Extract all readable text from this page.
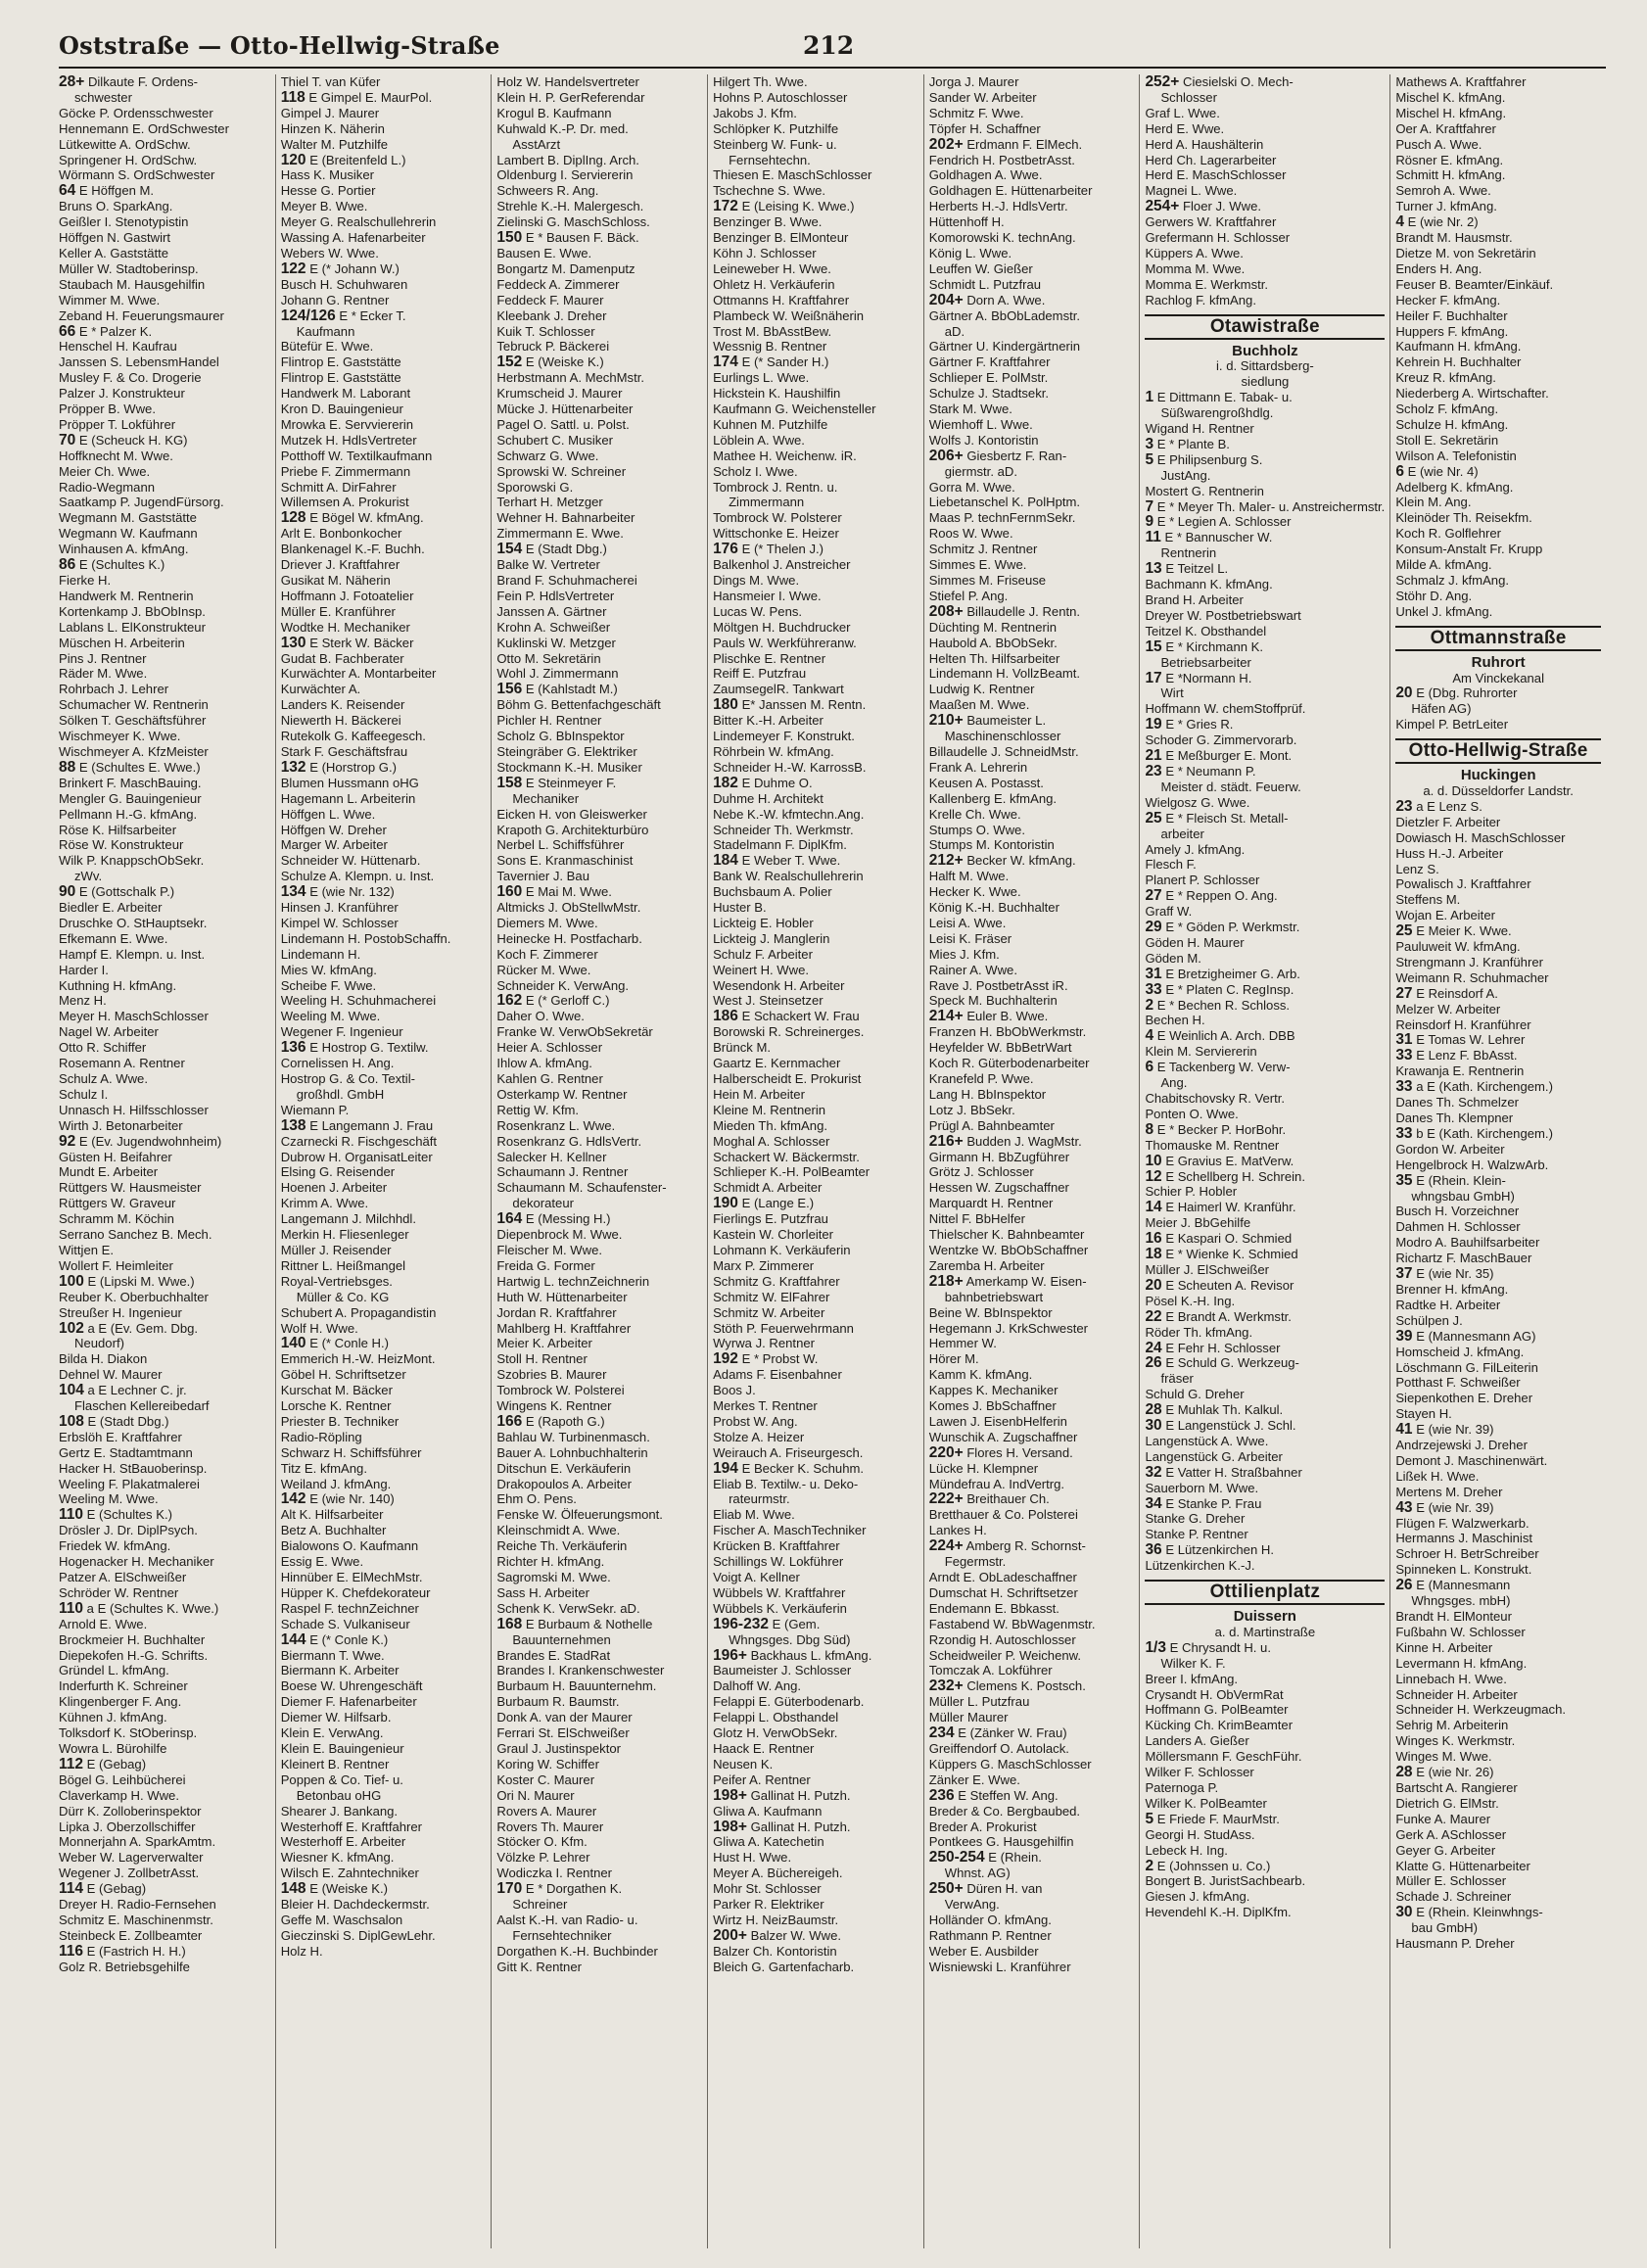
Oststraße — Otto-Hellwig-Straße	212
28+ Dilkaute F. Ordens-
schwester
Göcke P. Ordensschwester
Hennemann E. OrdSchwester
Lütkewitte A. OrdSchw.
Springener H. OrdSchw.
Wörmann S. OrdSchwester
64 E Höffgen M.
Bruns O. SparkAng.
Geißler I. Stenotypistin
Höffgen N. Gastwirt
Keller A. Gaststätte
Müller W. Stadtoberinsp.
Staubach M. Hausgehilfin
Wimmer M. Wwe.
Zeband H. Feuerungsmaurer
66 E * Palzer K.
Henschel H. Kaufrau
Janssen S. LebensmHandel
Musley F. & Co. Drogerie
Palzer J. Konstrukteur
Pröpper B. Wwe.
Pröpper T. Lokführer
70 E (Scheuck H. KG)
Hoffknecht M. Wwe.
Meier Ch. Wwe.
Radio-Wegmann
Saatkamp P. JugendFürsorg.
Wegmann M. Gaststätte
Wegmann W. Kaufmann
Winhausen A. kfmAng.
86 E (Schultes K.)
Fierke H.
Handwerk M. Rentnerin
Kortenkamp J. BbObInsp.
Lablans L. ElKonstrukteur
Müschen H. Arbeiterin
Pins J. Rentner
Räder M. Wwe.
Rohrbach J. Lehrer
Schumacher W. Rentnerin
Sölken T. Geschäftsführer
Wischmeyer K. Wwe.
Wischmeyer A. KfzMeister
88 E (Schultes E. Wwe.)
Brinkert F. MaschBauing.
Mengler G. Bauingenieur
Pellmann H.-G. kfmAng.
Röse K. Hilfsarbeiter
Röse W. Konstrukteur
Wilk P. KnappschObSekr.
zWv.
90 E (Gottschalk P.)
Biedler E. Arbeiter
Druschke O. StHauptsekr.
Efkemann E. Wwe.
Hampf E. Klempn. u. Inst.
Harder I.
Kuthning H. kfmAng.
Menz H.
Meyer H. MaschSchlosser
Nagel W. Arbeiter
Otto R. Schiffer
Rosemann A. Rentner
Schulz A. Wwe.
Schulz I.
Unnasch H. Hilfsschlosser
Wirth J. Betonarbeiter
92 E (Ev. Jugendwohnheim)
Güsten H. Beifahrer
Mundt E. Arbeiter
Rüttgers W. Hausmeister
Rüttgers W. Graveur
Schramm M. Köchin
Serrano Sanchez B. Mech.
Wittjen E.
Wollert F. Heimleiter
100 E (Lipski M. Wwe.)
Reuber K. Oberbuchhalter
Streußer H. Ingenieur
102 a E (Ev. Gem. Dbg.
Neudorf)
Bilda H. Diakon
Dehnel W. Maurer
104 a E Lechner C. jr.
Flaschen Kellereibedarf
108 E (Stadt Dbg.)
Erbslöh E. Kraftfahrer
Gertz E. Stadtamtmann
Hacker H. StBauoberinsp.
Weeling F. Plakatmalerei
Weeling M. Wwe.
110 E (Schultes K.)
Drösler J. Dr. DiplPsych.
Friedek W. kfmAng.
Hogenacker H. Mechaniker
Patzer A. ElSchweißer
Schröder W. Rentner
110 a E (Schultes K. Wwe.)
Arnold E. Wwe.
Brockmeier H. Buchhalter
Diepekofen H.-G. Schrifts.
Gründel L. kfmAng.
Inderfurth K. Schreiner
Klingenberger F. Ang.
Kühnen J. kfmAng.
Tolksdorf K. StOberinsp.
Wowra L. Bürohilfe
112 E (Gebag)
Bögel G. Leihbücherei
Claverkamp H. Wwe.
Dürr K. Zolloberinspektor
Lipka J. Oberzollschiffer
Monnerjahn A. SparkAmtm.
Weber W. Lagerverwalter
Wegener J. ZollbetrAsst.
114 E (Gebag)
Dreyer H. Radio-Fernsehen
Schmitz E. Maschinenmstr.
Steinbeck E. Zollbeamter
116 E (Fastrich H. H.)
Golz R. Betriebsgehilfe
Thiel T. van Küfer
118 E Gimpel E. MaurPol.
Gimpel J. Maurer
Hinzen K. Näherin
Walter M. Putzhilfe
120 E (Breitenfeld L.)
Hass K. Musiker
Hesse G. Portier
Meyer B. Wwe.
Meyer G. Realschullehrerin
Wassing A. Hafenarbeiter
Webers W. Wwe.
122 E (* Johann W.)
Busch H. Schuhwaren
Johann G. Rentner
124/126 E * Ecker T.
Kaufmann
Bütefür E. Wwe.
Flintrop E. Gaststätte
Flintrop E. Gaststätte
Handwerk M. Laborant
Kron D. Bauingenieur
Mrowka E. Servviererin
Mutzek H. HdlsVertreter
Potthoff W. Textilkaufmann
Priebe F. Zimmermann
Schmitt A. DirFahrer
Willemsen A. Prokurist
128 E Bögel W. kfmAng.
Arlt E. Bonbonkocher
Blankenagel K.-F. Buchh.
Driever J. Kraftfahrer
Gusikat M. Näherin
Hoffmann J. Fotoatelier
Müller E. Kranführer
Wodtke H. Mechaniker
130 E Sterk W. Bäcker
Gudat B. Fachberater
Kurwächter A. Montarbeiter
Kurwächter A.
Landers K. Reisender
Niewerth H. Bäckerei
Rutekolk G. Kaffeegesch.
Stark F. Geschäftsfrau
132 E (Horstrop G.)
Blumen Hussmann oHG
Hagemann L. Arbeiterin
Höffgen L. Wwe.
Höffgen W. Dreher
Marger W. Arbeiter
Schneider W. Hüttenarb.
Schulze A. Klempn. u. Inst.
134 E (wie Nr. 132)
Hinsen J. Kranführer
Kimpel W. Schlosser
Lindemann H. PostobSchaffn.
Lindemann H.
Mies W. kfmAng.
Scheibe F. Wwe.
Weeling H. Schuhmacherei
Weeling M. Wwe.
Wegener F. Ingenieur
136 E Hostrop G. Textilw.
Cornelissen H. Ang.
Hostrop G. & Co. Textil-
großhdl. GmbH
Wiemann P.
138 E Langemann J. Frau
Czarnecki R. Fischgeschäft
Dubrow H. OrganisatLeiter
Elsing G. Reisender
Hoenen J. Arbeiter
Krimm A. Wwe.
Langemann J. Milchhdl.
Merkin H. Fliesenleger
Müller J. Reisender
Rittner L. Heißmangel
Royal-Vertriebsges.
Müller & Co. KG
Schubert A. Propagandistin
Wolf H. Wwe.
140 E (* Conle H.)
Emmerich H.-W. HeizMont.
Göbel H. Schriftsetzer
Kurschat M. Bäcker
Lorsche K. Rentner
Priester B. Techniker
Radio-Röpling
Schwarz H. Schiffsführer
Titz E. kfmAng.
Weiland J. kfmAng.
142 E (wie Nr. 140)
Alt K. Hilfsarbeiter
Betz A. Buchhalter
Bialowons O. Kaufmann
Essig E. Wwe.
Hinnüber E. ElMechMstr.
Hüpper K. Chefdekorateur
Raspel F. technZeichner
Schade S. Vulkaniseur
144 E (* Conle K.)
Biermann T. Wwe.
Biermann K. Arbeiter
Boese W. Uhrengeschäft
Diemer F. Hafenarbeiter
Diemer W. Hilfsarb.
Klein E. VerwAng.
Klein E. Bauingenieur
Kleinert B. Rentner
Poppen & Co. Tief- u.
Betonbau oHG
Shearer J. Bankang.
Westerhoff E. Kraftfahrer
Westerhoff E. Arbeiter
Wiesner K. kfmAng.
Wilsch E. Zahntechniker
148 E (Weiske K.)
Bleier H. Dachdeckermstr.
Geffe M. Waschsalon
Gieczinski S. DiplGewLehr.
Holz H.
Holz W. Handelsvertreter
Klein H. P. GerReferendar
Krogul B. Kaufmann
Kuhwald K.-P. Dr. med.
AsstArzt
Lambert B. DiplIng. Arch.
Oldenburg I. Serviererin
Schweers R. Ang.
Strehle K.-H. Malergesch.
Zielinski G. MaschSchloss.
150 E * Bausen F. Bäck.
Bausen E. Wwe.
Bongartz M. Damenputz
Feddeck A. Zimmerer
Feddeck F. Maurer
Kleebank J. Dreher
Kuik T. Schlosser
Tebruck P. Bäckerei
152 E (Weiske K.)
Herbstmann A. MechMstr.
Krumscheid J. Maurer
Mücke J. Hüttenarbeiter
Pagel O. Sattl. u. Polst.
Schubert C. Musiker
Schwarz G. Wwe.
Sprowski W. Schreiner
Sporowski G.
Terhart H. Metzger
Wehner H. Bahnarbeiter
Zimmermann E. Wwe.
154 E (Stadt Dbg.)
Balke W. Vertreter
Brand F. Schuhmacherei
Fein P. HdlsVertreter
Janssen A. Gärtner
Krohn A. Schweißer
Kuklinski W. Metzger
Otto M. Sekretärin
Wohl J. Zimmermann
156 E (Kahlstadt M.)
Böhm G. Bettenfachgeschäft
Pichler H. Rentner
Scholz G. BbInspektor
Steingräber G. Elektriker
Stockmann K.-H. Musiker
158 E Steinmeyer F.
Mechaniker
Eicken H. von Gleiswerker
Krapoth G. Architekturbüro
Nerbel L. Schiffsführer
Sons E. Kranmaschinist
Tavernier J. Bau
160 E Mai M. Wwe.
Altmicks J. ObStellwMstr.
Diemers M. Wwe.
Heinecke H. Postfacharb.
Koch F. Zimmerer
Rücker M. Wwe.
Schneider K. VerwAng.
162 E (* Gerloff C.)
Daher O. Wwe.
Franke W. VerwObSekretär
Heier A. Schlosser
Ihlow A. kfmAng.
Kahlen G. Rentner
Osterkamp W. Rentner
Rettig W. Kfm.
Rosenkranz L. Wwe.
Rosenkranz G. HdlsVertr.
Salecker H. Kellner
Schaumann J. Rentner
Schaumann M. Schaufenster-
dekorateur
164 E (Messing H.)
Diepenbrock M. Wwe.
Fleischer M. Wwe.
Freida G. Former
Hartwig L. technZeichnerin
Huth W. Hüttenarbeiter
Jordan R. Kraftfahrer
Mahlberg H. Kraftfahrer
Meier K. Arbeiter
Stoll H. Rentner
Szobries B. Maurer
Tombrock W. Polsterei
Wingens K. Rentner
166 E (Rapoth G.)
Bahlau W. Turbinenmasch.
Bauer A. Lohnbuchhalterin
Ditschun E. Verkäuferin
Drakopoulos A. Arbeiter
Ehm O. Pens.
Fenske W. Ölfeuerungsmont.
Kleinschmidt A. Wwe.
Reiche Th. Verkäuferin
Richter H. kfmAng.
Sagromski M. Wwe.
Sass H. Arbeiter
Schenk K. VerwSekr. aD.
168 E Burbaum & Nothelle
Bauunternehmen
Brandes E. StadRat
Brandes I. Krankenschwester
Burbaum H. Bauunternehm.
Burbaum R. Baumstr.
Donk A. van der Maurer
Ferrari St. ElSchweißer
Graul J. Justinspektor
Koring W. Schiffer
Koster C. Maurer
Ori N. Maurer
Rovers A. Maurer
Rovers Th. Maurer
Stöcker O. Kfm.
Völzke P. Lehrer
Wodiczka I. Rentner
170 E * Dorgathen K.
Schreiner
Aalst K.-H. van Radio- u.
Fernsehtechniker
Dorgathen K.-H. Buchbinder
Gitt K. Rentner
Hilgert Th. Wwe.
Hohns P. Autoschlosser
Jakobs J. Kfm.
Schlöpker K. Putzhilfe
Steinberg W. Funk- u.
Fernsehtechn.
Thiesen E. MaschSchlosser
Tschechne S. Wwe.
172 E (Leising K. Wwe.)
Benzinger B. Wwe.
Benzinger B. ElMonteur
Köhn J. Schlosser
Leineweber H. Wwe.
Ohletz H. Verkäuferin
Ottmanns H. Kraftfahrer
Plambeck W. Weißnäherin
Trost M. BbAsstBew.
Wessnig B. Rentner
174 E (* Sander H.)
Eurlings L. Wwe.
Hickstein K. Haushilfin
Kaufmann G. Weichensteller
Kuhnen M. Putzhilfe
Löblein A. Wwe.
Mathee H. Weichenw. iR.
Scholz I. Wwe.
Tombrock J. Rentn. u.
Zimmermann
Tombrock W. Polsterer
Wittschonke E. Heizer
176 E (* Thelen J.)
Balkenhol J. Anstreicher
Dings M. Wwe.
Hansmeier I. Wwe.
Lucas W. Pens.
Möltgen H. Buchdrucker
Pauls W. Werkführeranw.
Plischke E. Rentner
Reiff E. Putzfrau
ZaumsegelR. Tankwart
180 E* Janssen M. Rentn.
Bitter K.-H. Arbeiter
Lindemeyer F. Konstrukt.
Röhrbein W. kfmAng.
Schneider H.-W. KarrossB.
182 E Duhme O.
Duhme H. Architekt
Nebe K.-W. kfmtechn.Ang.
Schneider Th. Werkmstr.
Stadelmann F. DiplKfm.
184 E Weber T. Wwe.
Bank W. Realschullehrerin
Buchsbaum A. Polier
Huster B.
Lickteig E. Hobler
Lickteig J. Manglerin
Schulz F. Arbeiter
Weinert H. Wwe.
Wesendonk H. Arbeiter
West J. Steinsetzer
186 E Schackert W. Frau
Borowski R. Schreinerges.
Brünck M.
Gaartz E. Kernmacher
Halberscheidt E. Prokurist
Hein M. Arbeiter
Kleine M. Rentnerin
Mieden Th. kfmAng.
Moghal A. Schlosser
Schackert W. Bäckermstr.
Schlieper K.-H. PolBeamter
Schmidt A. Arbeiter
190 E (Lange E.)
Fierlings E. Putzfrau
Kastein W. Chorleiter
Lohmann K. Verkäuferin
Marx P. Zimmerer
Schmitz G. Kraftfahrer
Schmitz W. ElFahrer
Schmitz W. Arbeiter
Stöth P. Feuerwehrmann
Wyrwa J. Rentner
192 E * Probst W.
Adams F. Eisenbahner
Boos J.
Merkes T. Rentner
Probst W. Ang.
Stolze A. Heizer
Weirauch A. Friseurgesch.
194 E Becker K. Schuhm.
Eliab B. Textilw.- u. Deko-
rateurmstr.
Eliab M. Wwe.
Fischer A. MaschTechniker
Krücken B. Kraftfahrer
Schillings W. Lokführer
Voigt A. Kellner
Wübbels W. Kraftfahrer
Wübbels K. Verkäuferin
196-232 E (Gem.
Whngsges. Dbg Süd)
196+ Backhaus L. kfmAng.
Baumeister J. Schlosser
Dalhoff W. Ang.
Felappi E. Güterbodenarb.
Felappi L. Obsthandel
Glotz H. VerwObSekr.
Haack E. Rentner
Neusen K.
Peifer A. Rentner
198+ Gallinat H. Putzh.
Gliwa A. Kaufmann
198+ Gallinat H. Putzh.
Gliwa A. Katechetin
Hust H. Wwe.
Meyer A. Büchereigeh.
Mohr St. Schlosser
Parker R. Elektriker
Wirtz H. NeizBaumstr.
200+ Balzer W. Wwe.
Balzer Ch. Kontoristin
Bleich G. Gartenfacharb.
Jorga J. Maurer
Sander W. Arbeiter
Schmitz F. Wwe.
Töpfer H. Schaffner
202+ Erdmann F. ElMech.
Fendrich H. PostbetrAsst.
Goldhagen A. Wwe.
Goldhagen E. Hüttenarbeiter
Herberts H.-J. HdlsVertr.
Hüttenhoff H.
Komorowski K. technAng.
König L. Wwe.
Leuffen W. Gießer
Schmidt L. Putzfrau
204+ Dorn A. Wwe.
Gärtner A. BbObLademstr.
aD.
Gärtner U. Kindergärtnerin
Gärtner F. Kraftfahrer
Schlieper E. PolMstr.
Schulze J. Stadtsekr.
Stark M. Wwe.
Wiemhoff L. Wwe.
Wolfs J. Kontoristin
206+ Giesbertz F. Ran-
giermstr. aD.
Gorra M. Wwe.
Liebetanschel K. PolHptm.
Maas P. technFernmSekr.
Roos W. Wwe.
Schmitz J. Rentner
Simmes E. Wwe.
Simmes M. Friseuse
Stiefel P. Ang.
208+ Billaudelle J. Rentn.
Düchting M. Rentnerin
Haubold A. BbObSekr.
Helten Th. Hilfsarbeiter
Lindemann H. VollzBeamt.
Ludwig K. Rentner
Maaßen M. Wwe.
210+ Baumeister L.
Maschinenschlosser
Billaudelle J. SchneidMstr.
Frank A. Lehrerin
Keusen A. Postasst.
Kallenberg E. kfmAng.
Krelle Ch. Wwe.
Stumps O. Wwe.
Stumps M. Kontoristin
212+ Becker W. kfmAng.
Halft M. Wwe.
Hecker K. Wwe.
König K.-H. Buchhalter
Leisi A. Wwe.
Leisi K. Fräser
Mies J. Kfm.
Rainer A. Wwe.
Rave J. PostbetrAsst iR.
Speck M. Buchhalterin
214+ Euler B. Wwe.
Franzen H. BbObWerkmstr.
Heyfelder W. BbBetrWart
Koch R. Güterbodenarbeiter
Kranefeld P. Wwe.
Lang H. BbInspektor
Lotz J. BbSekr.
Prügl A. Bahnbeamter
216+ Budden J. WagMstr.
Girmann H. BbZugführer
Grötz J. Schlosser
Hessen W. Zugschaffner
Marquardt H. Rentner
Nittel F. BbHelfer
Thielscher K. Bahnbeamter
Wentzke W. BbObSchaffner
Zaremba H. Arbeiter
218+ Amerkamp W. Eisen-
bahnbetriebswart
Beine W. BbInspektor
Hegemann J. KrkSchwester
Hemmer W.
Hörer M.
Kamm K. kfmAng.
Kappes K. Mechaniker
Komes J. BbSchaffner
Lawen J. EisenbHelferin
Wunschik A. Zugschaffner
220+ Flores H. Versand.
Lücke H. Klempner
Mündefrau A. IndVertrg.
222+ Breithauer Ch.
Bretthauer & Co. Polsterei
Lankes H.
224+ Amberg R. Schornst-
Fegermstr.
Arndt E. ObLadeschaffner
Dumschat H. Schriftsetzer
Endemann E. Bbkasst.
Fastabend W. BbWagenmstr.
Rzondig H. Autoschlosser
Scheidweiler P. Weichenw.
Tomczak A. Lokführer
232+ Clemens K. Postsch.
Müller L. Putzfrau
Müller Maurer
234 E (Zänker W. Frau)
Greiffendorf O. Autolack.
Küppers G. MaschSchlosser
Zänker E. Wwe.
236 E Steffen W. Ang.
Breder & Co. Bergbaubed.
Breder A. Prokurist
Pontkees G. Hausgehilfin
250-254 E (Rhein.
Whnst. AG)
250+ Düren H. van
VerwAng.
Holländer O. kfmAng.
Rathmann P. Rentner
Weber E. Ausbilder
Wisniewski L. Kranführer
252+ Ciesielski O. Mech-
Schlosser
Graf L. Wwe.
Herd E. Wwe.
Herd A. Haushälterin
Herd Ch. Lagerarbeiter
Herd E. MaschSchlosser
Magnei L. Wwe.
254+ Floer J. Wwe.
Gerwers W. Kraftfahrer
Grefermann H. Schlosser
Küppers A. Wwe.
Momma M. Wwe.
Momma E. Werkmstr.
Rachlog F. kfmAng.
Otawistraße
Buchholz
i. d. Sittardsberg-
siedlung
1 E Dittmann E. Tabak- u.
Süßwarengroßhdlg.
Wigand H. Rentner
3 E * Plante B.
5 E Philipsenburg S.
JustAng.
Mostert G. Rentnerin
7 E * Meyer Th. Maler- u. Anstreichermstr.
9 E * Legien A. Schlosser
11 E * Bannuscher W.
Rentnerin
13 E Teitzel L.
Bachmann K. kfmAng.
Brand H. Arbeiter
Dreyer W. Postbetriebswart
Teitzel K. Obsthandel
15 E * Kirchmann K.
Betriebsarbeiter
17 E *Normann H.
Wirt
Hoffmann W. chemStoffprüf.
19 E * Gries R.
Schoder G. Zimmervorarb.
21 E Meßburger E. Mont.
23 E * Neumann P.
Meister d. städt. Feuerw.
Wielgosz G. Wwe.
25 E * Fleisch St. Metall-
arbeiter
Amely J. kfmAng.
Flesch F.
Planert P. Schlosser
27 E * Reppen O. Ang.
Graff W.
29 E * Göden P. Werkmstr.
Göden H. Maurer
Göden M.
31 E Bretzigheimer G. Arb.
33 E * Platen C. RegInsp.
2 E * Bechen R. Schloss.
Bechen H.
4 E Weinlich A. Arch. DBB
Klein M. Serviererin
6 E Tackenberg W. Verw-
Ang.
Chabitschovsky R. Vertr.
Ponten O. Wwe.
8 E * Becker P. HorBohr.
Thomauske M. Rentner
10 E Gravius E. MatVerw.
12 E Schellberg H. Schrein.
Schier P. Hobler
14 E Haimerl W. Kranführ.
Meier J. BbGehilfe
16 E Kaspari O. Schmied
18 E * Wienke K. Schmied
Müller J. ElSchweißer
20 E Scheuten A. Revisor
Pösel K.-H. Ing.
22 E Brandt A. Werkmstr.
Röder Th. kfmAng.
24 E Fehr H. Schlosser
26 E Schuld G. Werkzeug-
fräser
Schuld G. Dreher
28 E Muhlak Th. Kalkul.
30 E Langenstück J. Schl.
Langenstück A. Wwe.
Langenstück G. Arbeiter
32 E Vatter H. Straßbahner
Sauerborn M. Wwe.
34 E Stanke P. Frau
Stanke G. Dreher
Stanke P. Rentner
36 E Lützenkirchen H.
Lützenkirchen K.-J.
Ottilienplatz
Duissern
a. d. Martinstraße
1/3 E Chrysandt H. u.
Wilker K. F.
Breer I. kfmAng.
Crysandt H. ObVermRat
Hoffmann G. PolBeamter
Kücking Ch. KrimBeamter
Landers A. Gießer
Möllersmann F. GeschFühr.
Wilker F. Schlosser
Paternoga P.
Wilker K. PolBeamter
5 E Friede F. MaurMstr.
Georgi H. StudAss.
Lebeck H. Ing.
2 E (Johnssen u. Co.)
Bongert B. JuristSachbearb.
Giesen J. kfmAng.
Hevendehl K.-H. DiplKfm.
Mathews A. Kraftfahrer
Mischel K. kfmAng.
Mischel H. kfmAng.
Oer A. Kraftfahrer
Pusch A. Wwe.
Rösner E. kfmAng.
Schmitt H. kfmAng.
Semroh A. Wwe.
Turner J. kfmAng.
4 E (wie Nr. 2)
Brandt M. Hausmstr.
Dietze M. von Sekretärin
Enders H. Ang.
Feuser B. Beamter/Einkäuf.
Hecker F. kfmAng.
Heiler F. Buchhalter
Huppers F. kfmAng.
Kaufmann H. kfmAng.
Kehrein H. Buchhalter
Kreuz R. kfmAng.
Niederberg A. Wirtschafter.
Scholz F. kfmAng.
Schulze H. kfmAng.
Stoll E. Sekretärin
Wilson A. Telefonistin
6 E (wie Nr. 4)
Adelberg K. kfmAng.
Klein M. Ang.
Kleinöder Th. Reisekfm.
Koch R. Golflehrer
Konsum-Anstalt Fr. Krupp
Milde A. kfmAng.
Schmalz J. kfmAng.
Stöhr D. Ang.
Unkel J. kfmAng.
Ottmannstraße
Ruhrort
Am Vinckekanal
20 E (Dbg. Ruhrorter
Häfen AG)
Kimpel P. BetrLeiter
Otto-Hellwig-Straße
Huckingen
a. d. Düsseldorfer Landstr.
23 a E Lenz S.
Dietzler F. Arbeiter
Dowiasch H. MaschSchlosser
Huss H.-J. Arbeiter
Lenz S.
Powalisch J. Kraftfahrer
Steffens M.
Wojan E. Arbeiter
25 E Meier K. Wwe.
Pauluweit W. kfmAng.
Strengmann J. Kranführer
Weimann R. Schuhmacher
27 E Reinsdorf A.
Melzer W. Arbeiter
Reinsdorf H. Kranführer
31 E Tomas W. Lehrer
33 E Lenz F. BbAsst.
Krawanja E. Rentnerin
33 a E (Kath. Kirchengem.)
Danes Th. Schmelzer
Danes Th. Klempner
33 b E (Kath. Kirchengem.)
Gordon W. Arbeiter
Hengelbrock H. WalzwArb.
35 E (Rhein. Klein-
whngsbau GmbH)
Busch H. Vorzeichner
Dahmen H. Schlosser
Modro A. Bauhilfsarbeiter
Richartz F. MaschBauer
37 E (wie Nr. 35)
Brenner H. kfmAng.
Radtke H. Arbeiter
Schülpen J.
39 E (Mannesmann AG)
Homscheid J. kfmAng.
Löschmann G. FilLeiterin
Potthast F. Schweißer
Siepenkothen E. Dreher
Stayen H.
41 E (wie Nr. 39)
Andrzejewski J. Dreher
Demont J. Maschinenwärt.
Lißek H. Wwe.
Mertens M. Dreher
43 E (wie Nr. 39)
Flügen F. Walzwerkarb.
Hermanns J. Maschinist
Schroer H. BetrSchreiber
Spinneken L. Konstrukt.
26 E (Mannesmann
Whngsges. mbH)
Brandt H. ElMonteur
Fußbahn W. Schlosser
Kinne H. Arbeiter
Levermann H. kfmAng.
Linnebach H. Wwe.
Schneider H. Arbeiter
Schneider H. Werkzeugmach.
Sehrig M. Arbeiterin
Winges K. Werkmstr.
Winges M. Wwe.
28 E (wie Nr. 26)
Bartscht A. Rangierer
Dietrich G. ElMstr.
Funke A. Maurer
Gerk A. ASchlosser
Geyer G. Arbeiter
Klatte G. Hüttenarbeiter
Müller E. Schlosser
Schade J. Schreiner
30 E (Rhein. Kleinwhngs-
bau GmbH)
Hausmann P. Dreher
